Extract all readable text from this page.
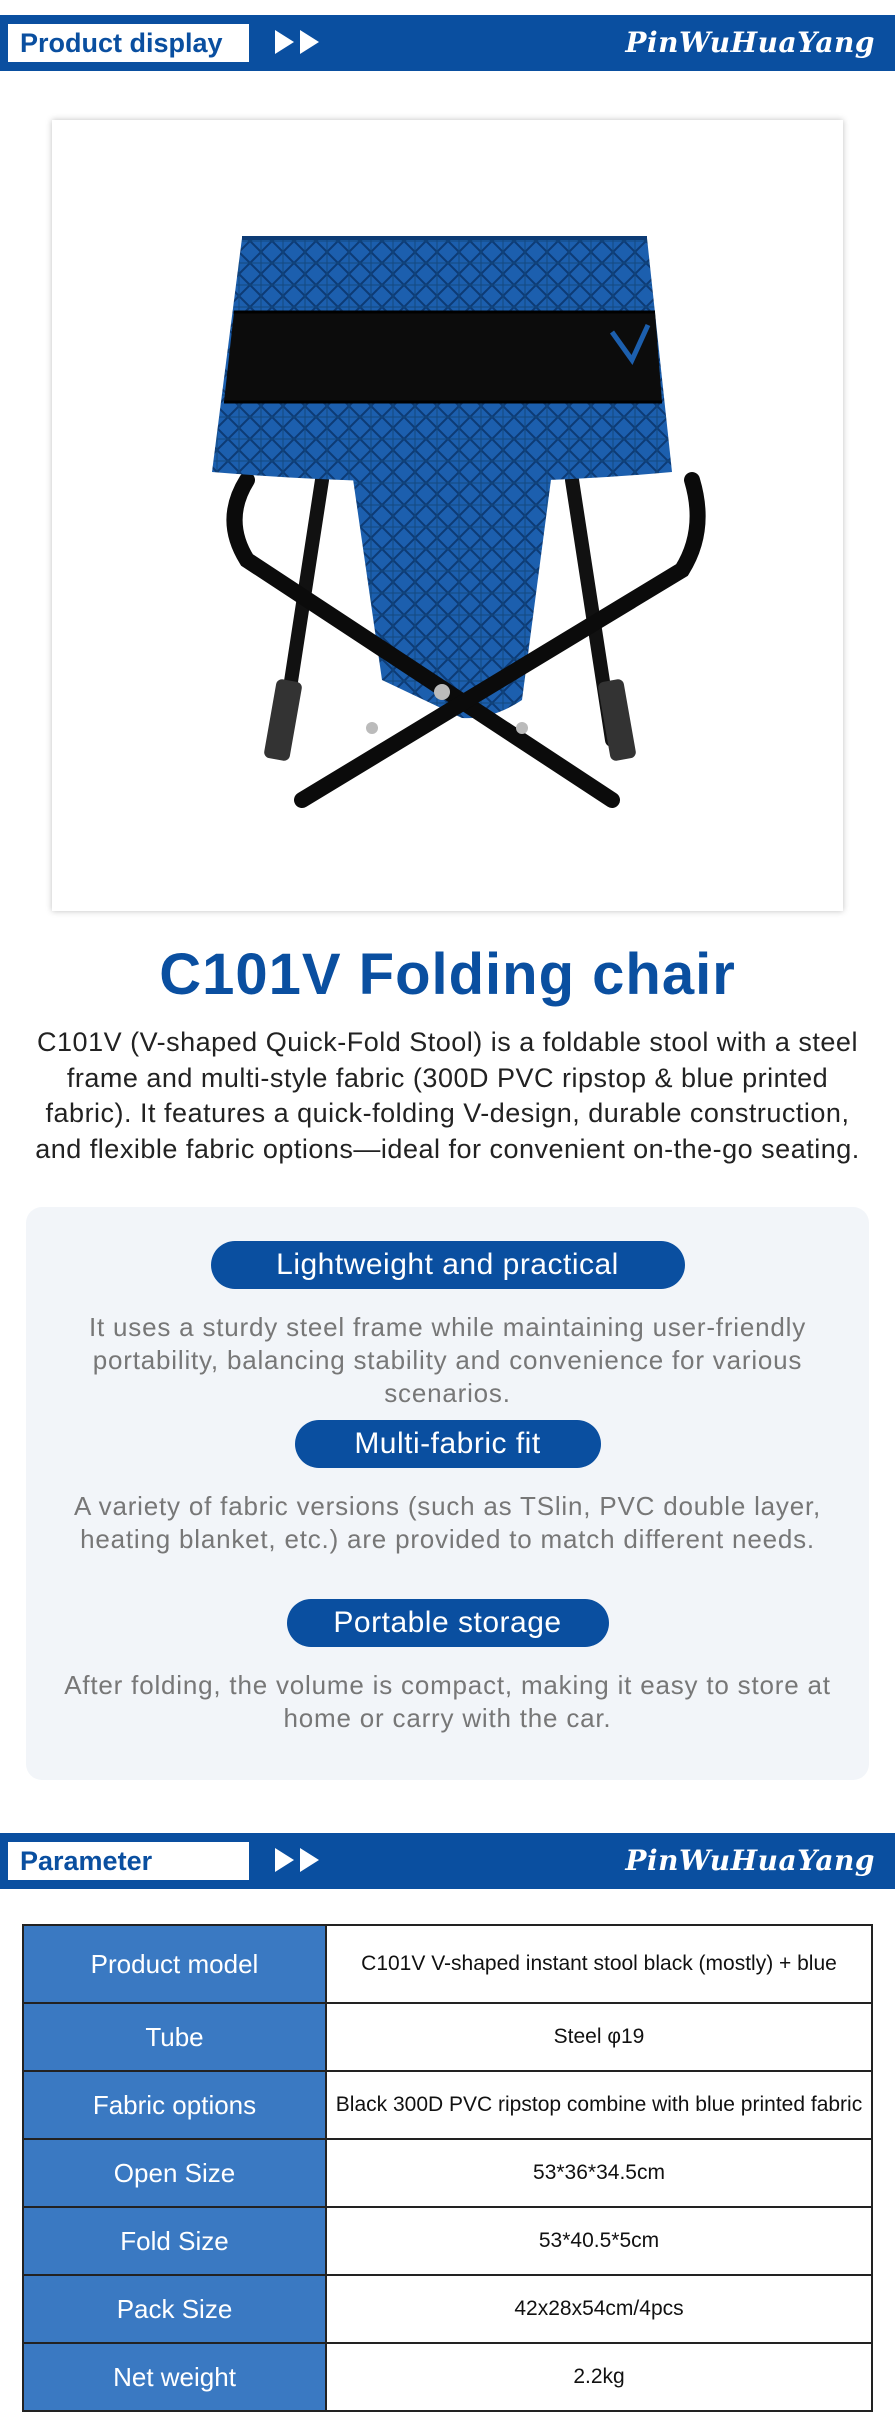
Product display	PinWuHuaYang
C101V Folding chair
C101V (V-shaped Quick-Fold Stool) is a foldable stool with a steel frame and multi-style fabric (300D PVC ripstop & blue printed fabric). It features a quick-folding V-design, durable construction, and flexible fabric options—ideal for convenient on-the-go seating.
Lightweight and practical
It uses a sturdy steel frame while maintaining user-friendly portability, balancing stability and convenience for various scenarios.
Multi-fabric fit
A variety of fabric versions (such as TSlin, PVC double layer, heating blanket, etc.) are provided to match different needs.
Portable storage
After folding, the volume is compact, making it easy to store at home or carry with the car.
Parameter	PinWuHuaYang
Product model	C101V V-shaped instant stool black (mostly) + blue
Tube	Steel φ19
Fabric options	Black 300D PVC ripstop combine with blue printed fabric
Open Size	53*36*34.5cm
Fold Size	53*40.5*5cm
Pack Size	42x28x54cm/4pcs
Net weight	2.2kg
